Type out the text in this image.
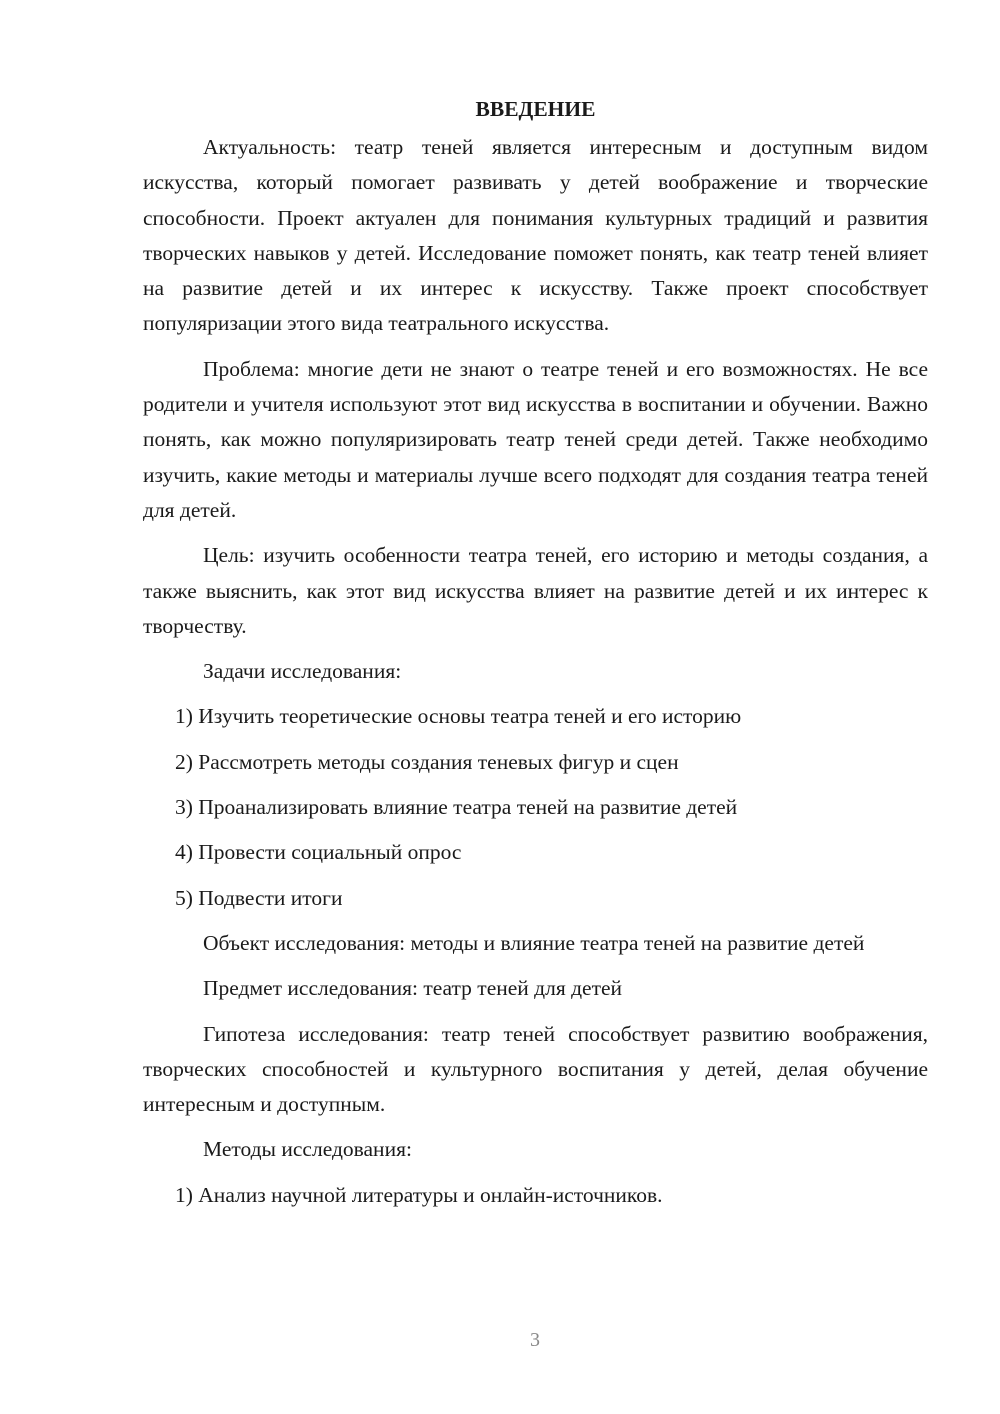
ВВЕДЕНИЕ

Актуальность: театр теней является интересным и доступным видом искусства, который помогает развивать у детей воображение и творческие способности. Проект актуален для понимания культурных традиций и развития творческих навыков у детей. Исследование поможет понять, как театр теней влияет на развитие детей и их интерес к искусству. Также проект способствует популяризации этого вида театрального искусства.

Проблема: многие дети не знают о театре теней и его возможностях. Не все родители и учителя используют этот вид искусства в воспитании и обучении. Важно понять, как можно популяризировать театр теней среди детей. Также необходимо изучить, какие методы и материалы лучше всего подходят для создания театра теней для детей.

Цель: изучить особенности театра теней, его историю и методы создания, а также выяснить, как этот вид искусства влияет на развитие детей и их интерес к творчеству.

Задачи исследования:

1) Изучить теоретические основы театра теней и его историю

2) Рассмотреть методы создания теневых фигур и сцен

3) Проанализировать влияние театра теней на развитие детей

4) Провести социальный опрос

5) Подвести итоги

Объект исследования: методы и влияние театра теней на развитие детей

Предмет исследования: театр теней для детей

Гипотеза исследования: театр теней способствует развитию воображения, творческих способностей и культурного воспитания у детей, делая обучение интересным и доступным.

Методы исследования:

1) Анализ научной литературы и онлайн-источников.

3
